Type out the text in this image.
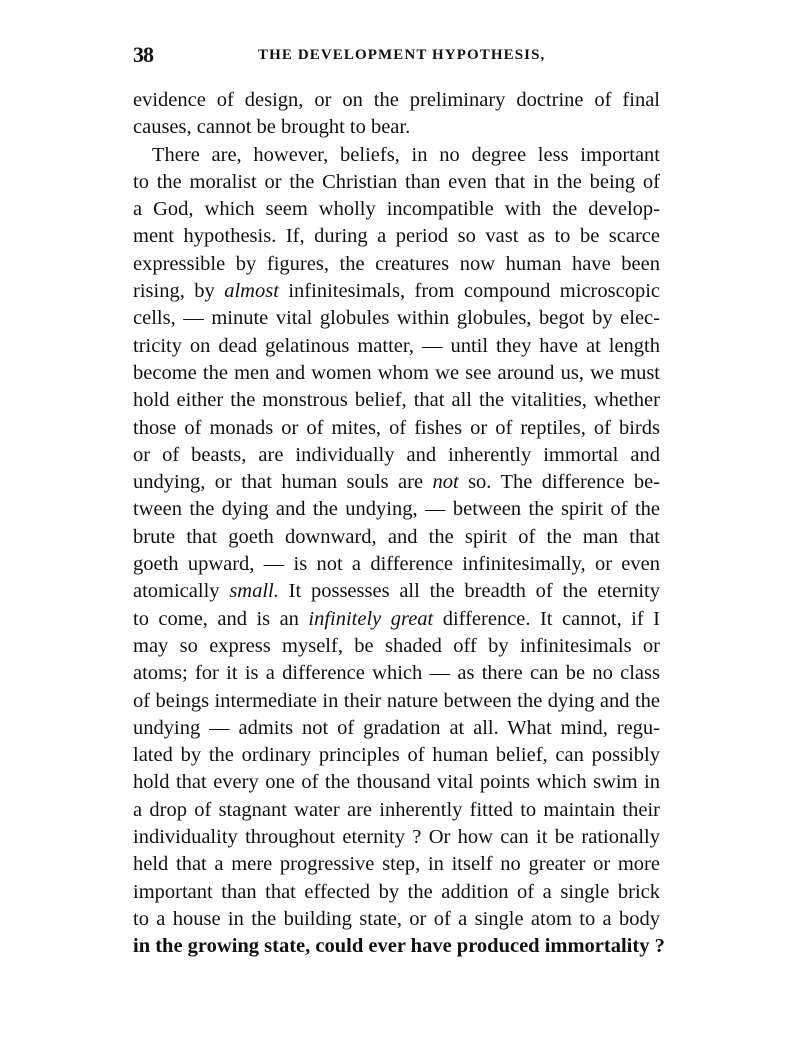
38	THE DEVELOPMENT HYPOTHESIS,
evidence of design, or on the preliminary doctrine of final
causes, cannot be brought to bear.
There are, however, beliefs, in no degree less important
to the moralist or the Christian than even that in the being of
a God, which seem wholly incompatible with the develop-
ment hypothesis. If, during a period so vast as to be scarce
expressible by figures, the creatures now human have been
rising, by almost infinitesimals, from compound microscopic
cells, — minute vital globules within globules, begot by elec-
tricity on dead gelatinous matter, — until they have at length
become the men and women whom we see around us, we must
hold either the monstrous belief, that all the vitalities, whether
those of monads or of mites, of fishes or of reptiles, of birds
or of beasts, are individually and inherently immortal and
undying, or that human souls are not so. The difference be-
tween the dying and the undying, — between the spirit of the
brute that goeth downward, and the spirit of the man that
goeth upward, — is not a difference infinitesimally, or even
atomically small. It possesses all the breadth of the eternity
to come, and is an infinitely great difference. It cannot, if I
may so express myself, be shaded off by infinitesimals or
atoms; for it is a difference which — as there can be no class
of beings intermediate in their nature between the dying and the
undying — admits not of gradation at all. What mind, regu-
lated by the ordinary principles of human belief, can possibly
hold that every one of the thousand vital points which swim in
a drop of stagnant water are inherently fitted to maintain their
individuality throughout eternity ? Or how can it be rationally
held that a mere progressive step, in itself no greater or more
important than that effected by the addition of a single brick
to a house in the building state, or of a single atom to a body
in the growing state, could ever have produced immortality ?
